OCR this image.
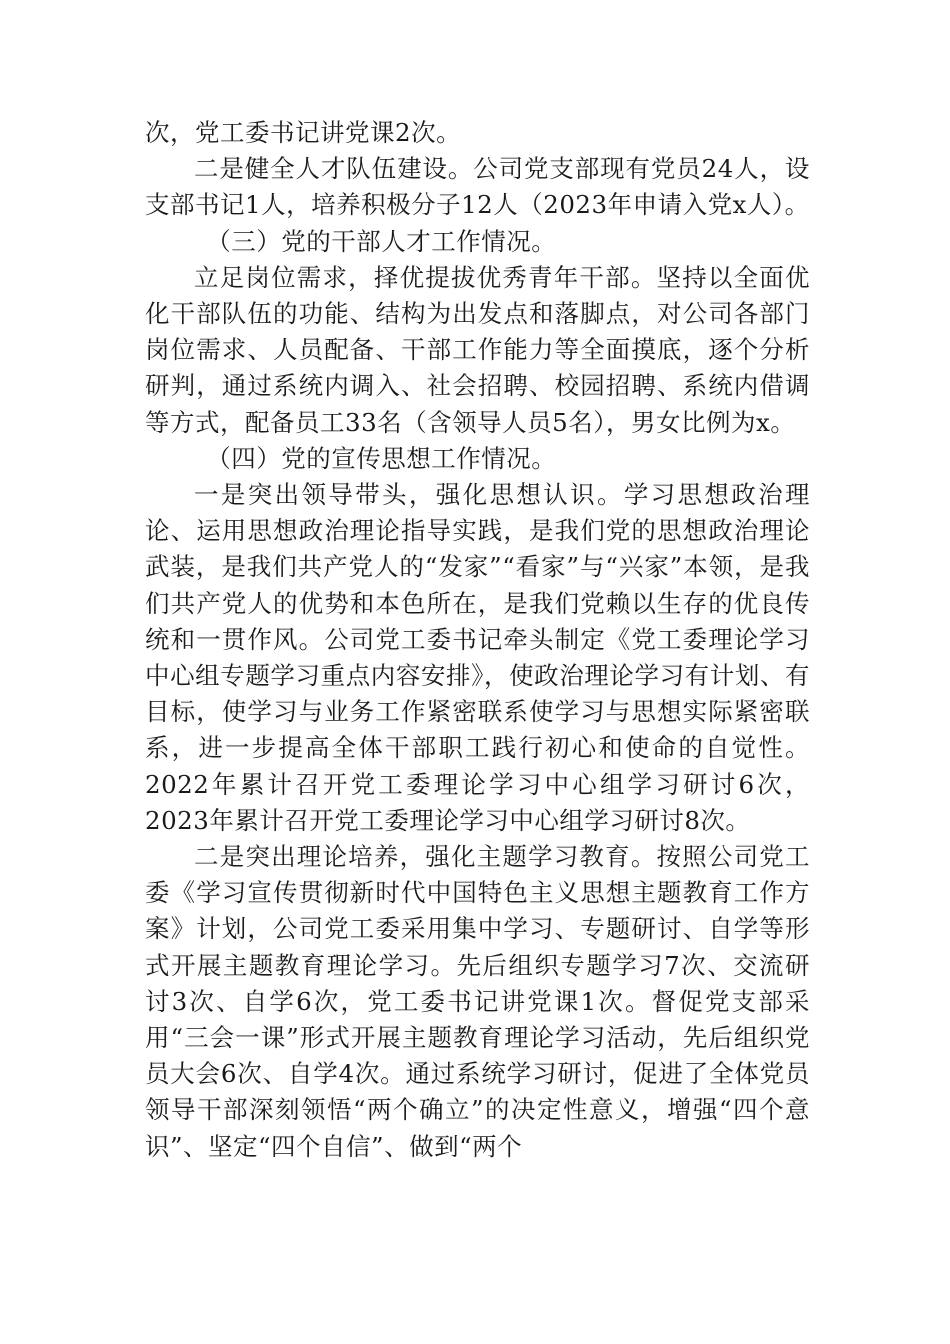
次，党工委书记讲党课2次。

二是健全人才队伍建设。公司党支部现有党员24人，设支部书记1人，培养积极分子12人（2023年申请入党x人）。

（三）党的干部人才工作情况。

立足岗位需求，择优提拔优秀青年干部。坚持以全面优化干部队伍的功能、结构为出发点和落脚点，对公司各部门岗位需求、人员配备、干部工作能力等全面摸底，逐个分析研判，通过系统内调入、社会招聘、校园招聘、系统内借调等方式，配备员工33名（含领导人员5名），男女比例为x。

（四）党的宣传思想工作情况。

一是突出领导带头，强化思想认识。学习思想政治理论、运用思想政治理论指导实践，是我们党的思想政治理论武装，是我们共产党人的“发家”“看家”与“兴家”本领，是我们共产党人的优势和本色所在，是我们党赖以生存的优良传统和一贯作风。公司党工委书记牵头制定《党工委理论学习中心组专题学习重点内容安排》，使政治理论学习有计划、有目标，使学习与业务工作紧密联系使学习与思想实际紧密联系，进一步提高全体干部职工践行初心和使命的自觉性。2022年累计召开党工委理论学习中心组学习研讨6次，2023年累计召开党工委理论学习中心组学习研讨8次。

二是突出理论培养，强化主题学习教育。按照公司党工委《学习宣传贯彻新时代中国特色主义思想主题教育工作方案》计划，公司党工委采用集中学习、专题研讨、自学等形式开展主题教育理论学习。先后组织专题学习7次、交流研讨3次、自学6次，党工委书记讲党课1次。督促党支部采用“三会一课”形式开展主题教育理论学习活动，先后组织党员大会6次、自学4次。通过系统学习研讨，促进了全体党员领导干部深刻领悟“两个确立”的决定性意义，增强“四个意识”、坚定“四个自信”、做到“两个
